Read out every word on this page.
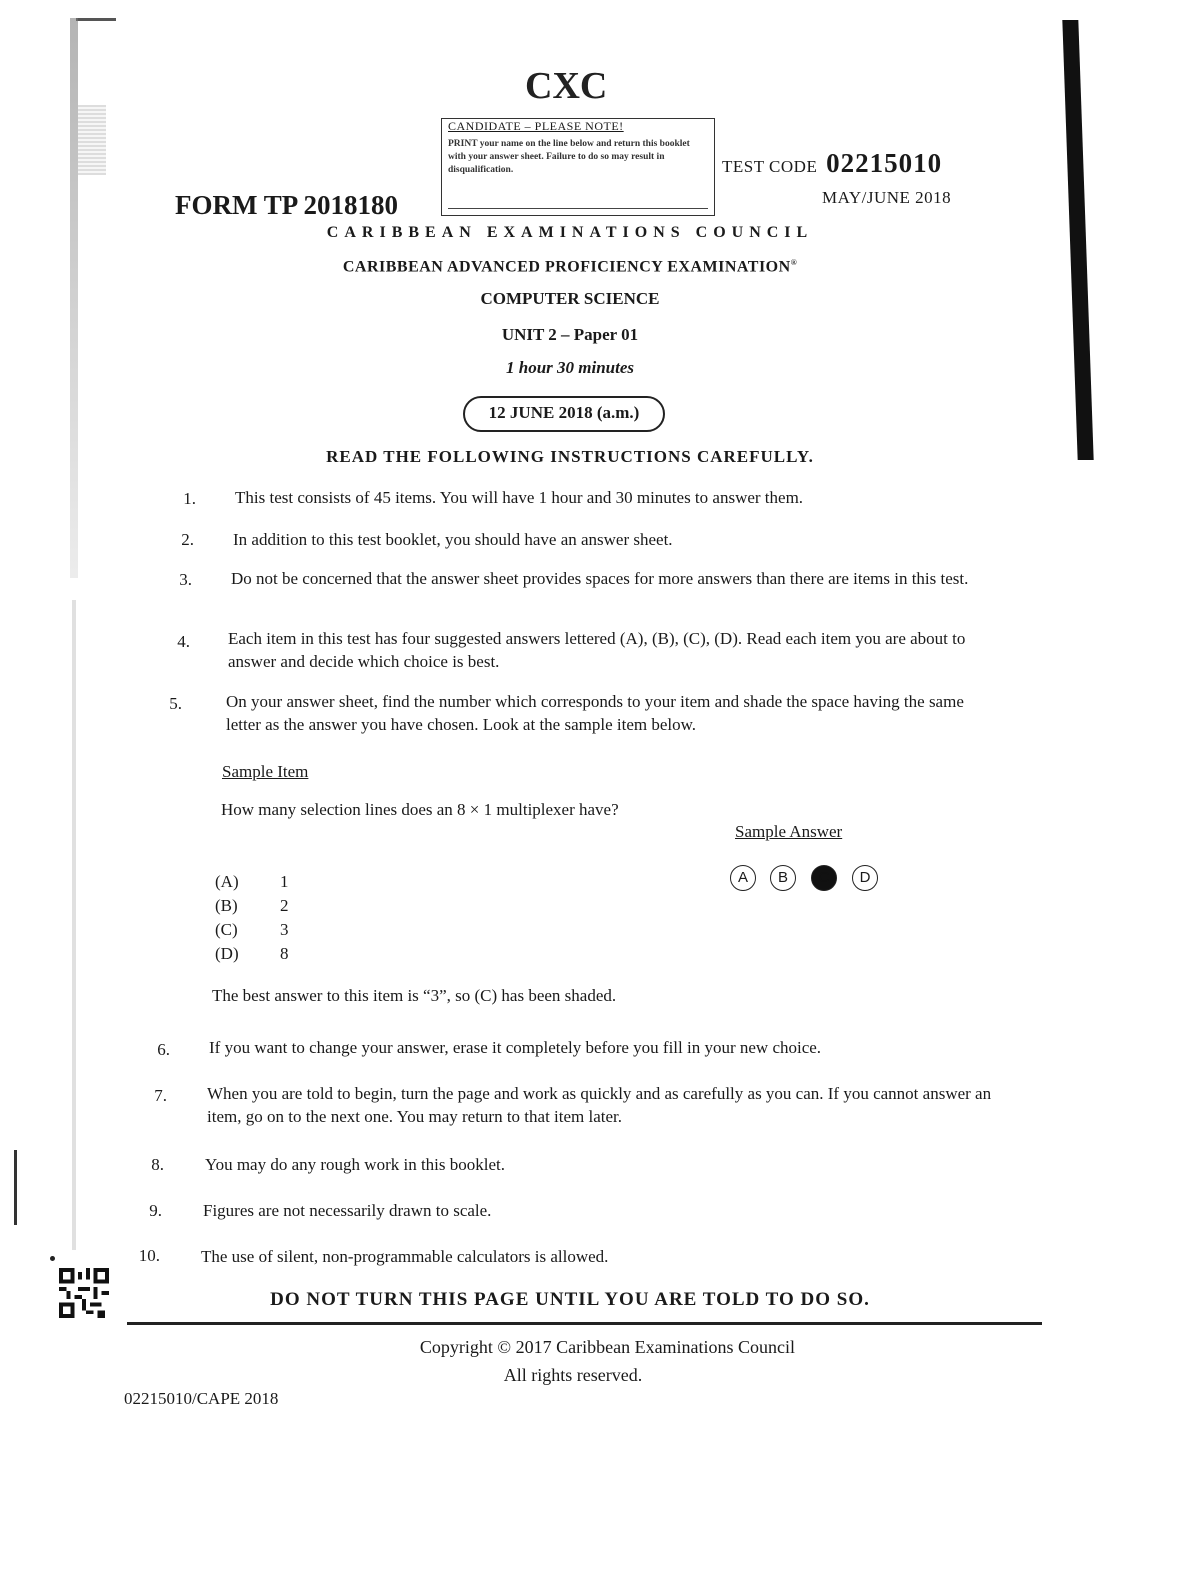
CXC
CANDIDATE – PLEASE NOTE!
PRINT your name on the line below and return this booklet with your answer sheet. Failure to do so may result in disqualification.
FORM TP 2018180
TEST CODE 02215010
MAY/JUNE 2018
CARIBBEAN EXAMINATIONS COUNCIL
CARIBBEAN ADVANCED PROFICIENCY EXAMINATION®
COMPUTER SCIENCE
UNIT 2 – Paper 01
1 hour 30 minutes
12 JUNE 2018 (a.m.)
READ THE FOLLOWING INSTRUCTIONS CAREFULLY.
1. This test consists of 45 items. You will have 1 hour and 30 minutes to answer them.
2. In addition to this test booklet, you should have an answer sheet.
3. Do not be concerned that the answer sheet provides spaces for more answers than there are items in this test.
4. Each item in this test has four suggested answers lettered (A), (B), (C), (D). Read each item you are about to answer and decide which choice is best.
5.	On your answer sheet, find the number which corresponds to your item and shade the space having the same letter as the answer you have chosen. Look at the sample item below.
Sample Item
How many selection lines does an 8 × 1 multiplexer have?
Sample Answer
(A) 1
(B) 2
(C) 3
(D) 8
A	B	C	D
The best answer to this item is “3”, so (C) has been shaded.
6. If you want to change your answer, erase it completely before you fill in your new choice.
7. When you are told to begin, turn the page and work as quickly and as carefully as you can. If you cannot answer an item, go on to the next one. You may return to that item later.
8. You may do any rough work in this booklet.
9. Figures are not necessarily drawn to scale.
10. The use of silent, non-programmable calculators is allowed.
DO NOT TURN THIS PAGE UNTIL YOU ARE TOLD TO DO SO.
Copyright © 2017 Caribbean Examinations Council
All rights reserved.
02215010/CAPE 2018
